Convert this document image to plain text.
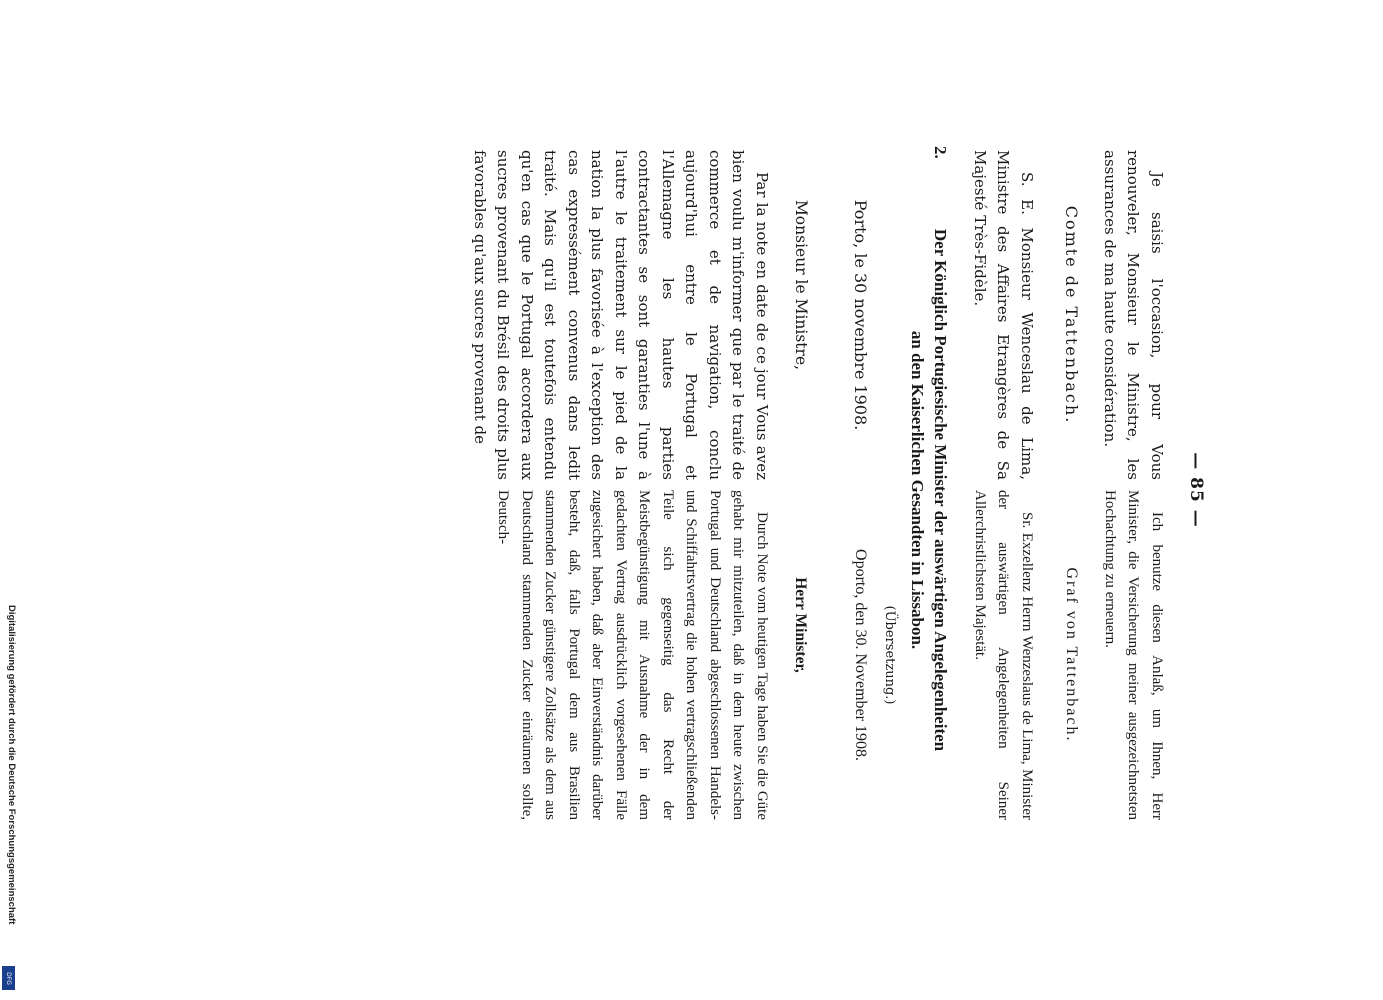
— 85 —

Je saisis l'occasion, pour Vous renouveler, Monsieur le Ministre, les assurances de ma haute considération.

Comte de Tattenbach.

S. E. Monsieur Wenceslau de Lima, Ministre des Affaires Etrangères de Sa Majesté Très-Fidèle.

Ich benutze diesen Anlaß, um Ihnen, Herr Minister, die Versicherung meiner ausgezeichnetsten Hochachtung zu erneuern.

Graf von Tattenbach.

Sr. Exzellenz Herrn Wenzeslaus de Lima, Minister der auswärtigen Angelegenheiten Seiner Allerchristlichsten Majestät.

2.
Der Königlich Portugiesische Minister der auswärtigen Angelegenheiten
an den Kaiserlichen Gesandten in Lissabon.
(Übersetzung.)

Porto, le 30 novembre 1908.

Monsieur le Ministre,

Par la note en date de ce jour Vous avez bien voulu m'informer que par le traité de commerce et de navigation, conclu aujourd'hui entre le Portugal et l'Allemagne les hautes parties contractantes se sont garanties l'une à l'autre le traitement sur le pied de la nation la plus favorisée à l'exception des cas expressément convenus dans ledit traité. Mais qu'il est toutefois entendu qu'en cas que le Portugal accordera aux sucres provenant du Brésil des droits plus favorables qu'aux sucres provenant de

Oporto, den 30. November 1908.

Herr Minister,

Durch Note vom heutigen Tage haben Sie die Güte gehabt mir mitzuteilen, daß in dem heute zwischen Portugal und Deutschland abgeschlossenen Handels- und Schiffahrtsvertrag die hohen vertragschließenden Teile sich gegenseitig das Recht der Meistbegünstigung mit Ausnahme der in dem gedachten Vertrag ausdrücklich vorgesehenen Fälle zugesichert haben, daß aber Einverständnis darüber besteht, daß, falls Portugal dem aus Brasilien stammenden Zucker günstigere Zollsätze als dem aus Deutschland stammenden Zucker einräumen sollte, Deutsch-

Digitalisierung gefördert durch die Deutsche Forschungsgemeinschaft
DFG
